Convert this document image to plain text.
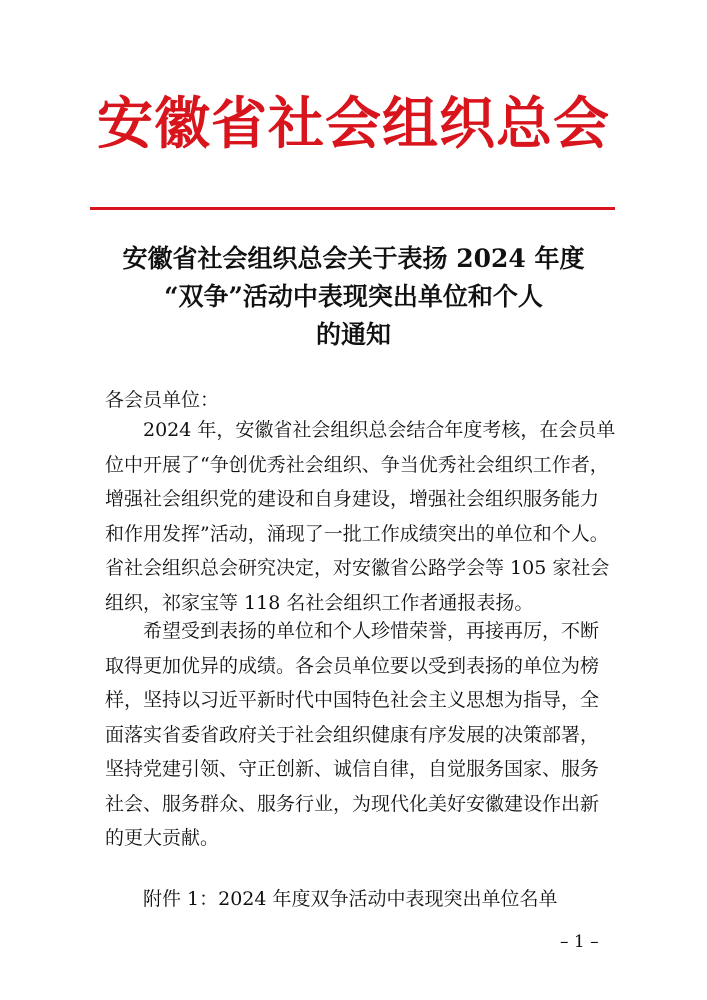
安徽省社会组织总会
安徽省社会组织总会关于表扬 2024 年度
“双争”活动中表现突出单位和个人
的通知
各会员单位：
2024 年，安徽省社会组织总会结合年度考核，在会员单
位中开展了“争创优秀社会组织、争当优秀社会组织工作者，
增强社会组织党的建设和自身建设，增强社会组织服务能力
和作用发挥”活动，涌现了一批工作成绩突出的单位和个人。
省社会组织总会研究决定，对安徽省公路学会等 105 家社会
组织，祁家宝等 118 名社会组织工作者通报表扬。
希望受到表扬的单位和个人珍惜荣誉，再接再厉，不断
取得更加优异的成绩。各会员单位要以受到表扬的单位为榜
样，坚持以习近平新时代中国特色社会主义思想为指导，全
面落实省委省政府关于社会组织健康有序发展的决策部署，
坚持党建引领、守正创新、诚信自律，自觉服务国家、服务
社会、服务群众、服务行业，为现代化美好安徽建设作出新
的更大贡献。
附件 1：2024 年度双争活动中表现突出单位名单
– 1 –
